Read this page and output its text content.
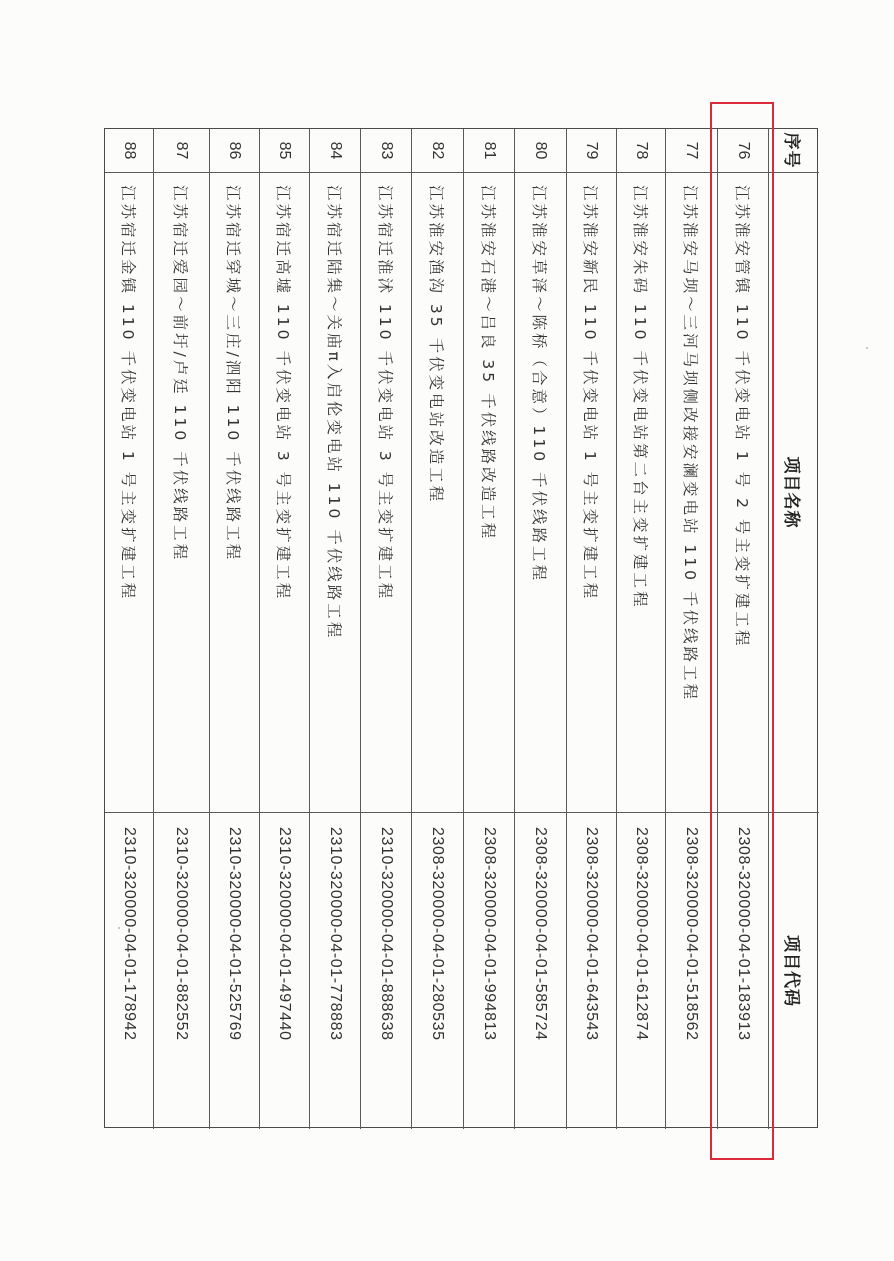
序号
项目名称
项目代码
76
江苏淮安管镇 110 千伏变电站 1 号 2 号主变扩建工程
2308-320000-04-01-183913
77
江苏淮安马坝～三河马坝侧改接安澜变电站 110 千伏线路工程
2308-320000-04-01-518562
78
江苏淮安朱码 110 千伏变电站第二台主变扩建工程
2308-320000-04-01-612874
79
江苏淮安新民 110 千伏变电站 1 号主变扩建工程
2308-320000-04-01-643543
80
江苏淮安草泽～陈桥（合意）110 千伏线路工程
2308-320000-04-01-585724
81
江苏淮安石港～吕良 35 千伏线路改造工程
2308-320000-04-01-994813
82
江苏淮安渔沟 35 千伏变电站改造工程
2308-320000-04-01-280535
83
江苏宿迁淮沭 110 千伏变电站 3 号主变扩建工程
2310-320000-04-01-888638
84
江苏宿迁陆集～关庙π入启伦变电站 110 千伏线路工程
2310-320000-04-01-778883
85
江苏宿迁高墟 110 千伏变电站 3 号主变扩建工程
2310-320000-04-01-497440
86
江苏宿迁穿城～三庄/泗阳 110 千伏线路工程
2310-320000-04-01-525769
87
江苏宿迁爱园～前圩/卢廷 110 千伏线路工程
2310-320000-04-01-882552
88
江苏宿迁金镇 110 千伏变电站 1 号主变扩建工程
2310-320000-04-01-178942
